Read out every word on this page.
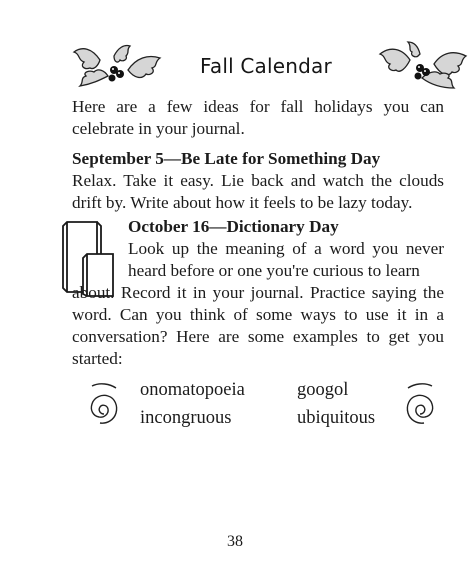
Fall Calendar

Here are a few ideas for fall holidays you can celebrate in your journal.

September 5—Be Late for Something Day

Relax. Take it easy. Lie back and watch the clouds drift by. Write about how it feels to be lazy today.

October 16—Dictionary Day

Look up the meaning of a word you never heard before or one you're curious to learn

about. Record it in your journal. Practice saying the word. Can you think of some ways to use it in a conversation? Here are some examples to get you started:

onomatopoeia
incongruous
googol
ubiquitous
38
